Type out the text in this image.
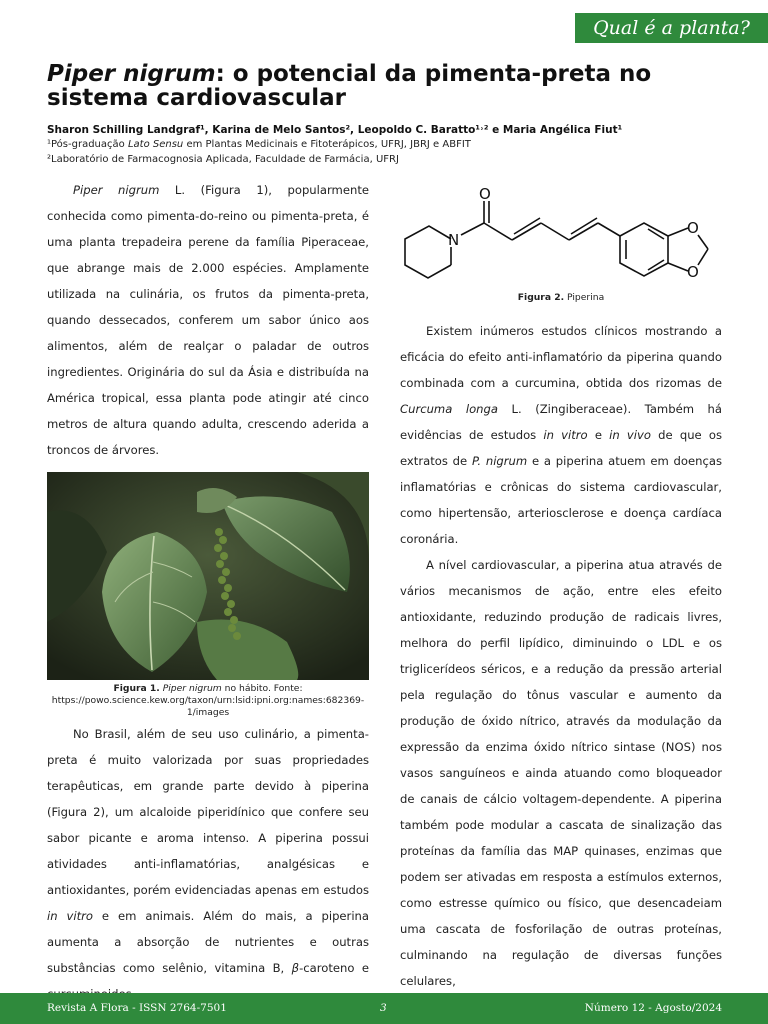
Qual é a planta?
Piper nigrum: o potencial da pimenta-preta no sistema cardiovascular
Sharon Schilling Landgraf¹, Karina de Melo Santos², Leopoldo C. Baratto¹˒² e Maria Angélica Fiut¹
¹Pós-graduação Lato Sensu em Plantas Medicinais e Fitoterápicos, UFRJ, JBRJ e ABFIT
²Laboratório de Farmacognosia Aplicada, Faculdade de Farmácia, UFRJ

Piper nigrum L. (Figura 1), popularmente conhecida como pimenta-do-reino ou pimenta-preta, é uma planta trepadeira perene da família Piperaceae, que abrange mais de 2.000 espécies. Amplamente utilizada na culinária, os frutos da pimenta-preta, quando dessecados, conferem um sabor único aos alimentos, além de realçar o paladar de outros ingredientes. Originária do sul da Ásia e distribuída na América tropical, essa planta pode atingir até cinco metros de altura quando adulta, crescendo aderida a troncos de árvores.

Figura 1. Piper nigrum no hábito. Fonte: https://powo.science.kew.org/taxon/urn:lsid:ipni.org:names:682369-1/images

No Brasil, além de seu uso culinário, a pimenta-preta é muito valorizada por suas propriedades terapêuticas, em grande parte devido à piperina (Figura 2), um alcaloide piperidínico que confere seu sabor picante e aroma intenso. A piperina possui atividades anti-inflamatórias, analgésicas e antioxidantes, porém evidenciadas apenas em estudos in vitro e em animais. Além do mais, a piperina aumenta a absorção de nutrientes e outras substâncias como selênio, vitamina B, β-caroteno e

O
N
O
O
Figura 2. Piperina

Existem inúmeros estudos clínicos mostrando a eficácia do efeito anti-inflamatório da piperina quando combinada com a curcumina, obtida dos rizomas de Curcuma longa L. (Zingiberaceae). Também há evidências de estudos in vitro e in vivo de que os extratos de P. nigrum e a piperina atuem em doenças inflamatórias e crônicas do sistema cardiovascular, como hipertensão, arteriosclerose e doença cardíaca coronária.

A nível cardiovascular, a piperina atua através de vários mecanismos de ação, entre eles efeito antioxidante, reduzindo produção de radicais livres, melhora do perfil lipídico, diminuindo o LDL e os triglicerídeos séricos, e a redução da pressão arterial pela regulação do tônus vascular e aumento da produção de óxido nítrico, através da modulação da expressão da enzima óxido nítrico sintase (NOS) nos vasos sanguíneos e ainda atuando como bloqueador de canais de cálcio voltagem-dependente. A piperina também pode modular a cascata de sinalização das proteínas da família das MAP quinases, enzimas que podem ser ativadas em resposta a estímulos externos, como estresse químico ou físico, que desencadeiam uma cascata de fosforilação de outras proteínas, culminando na regulação de diversas funções celulares,

Revista A Flora - ISSN 2764-7501	3	Número 12 - Agosto/2024
